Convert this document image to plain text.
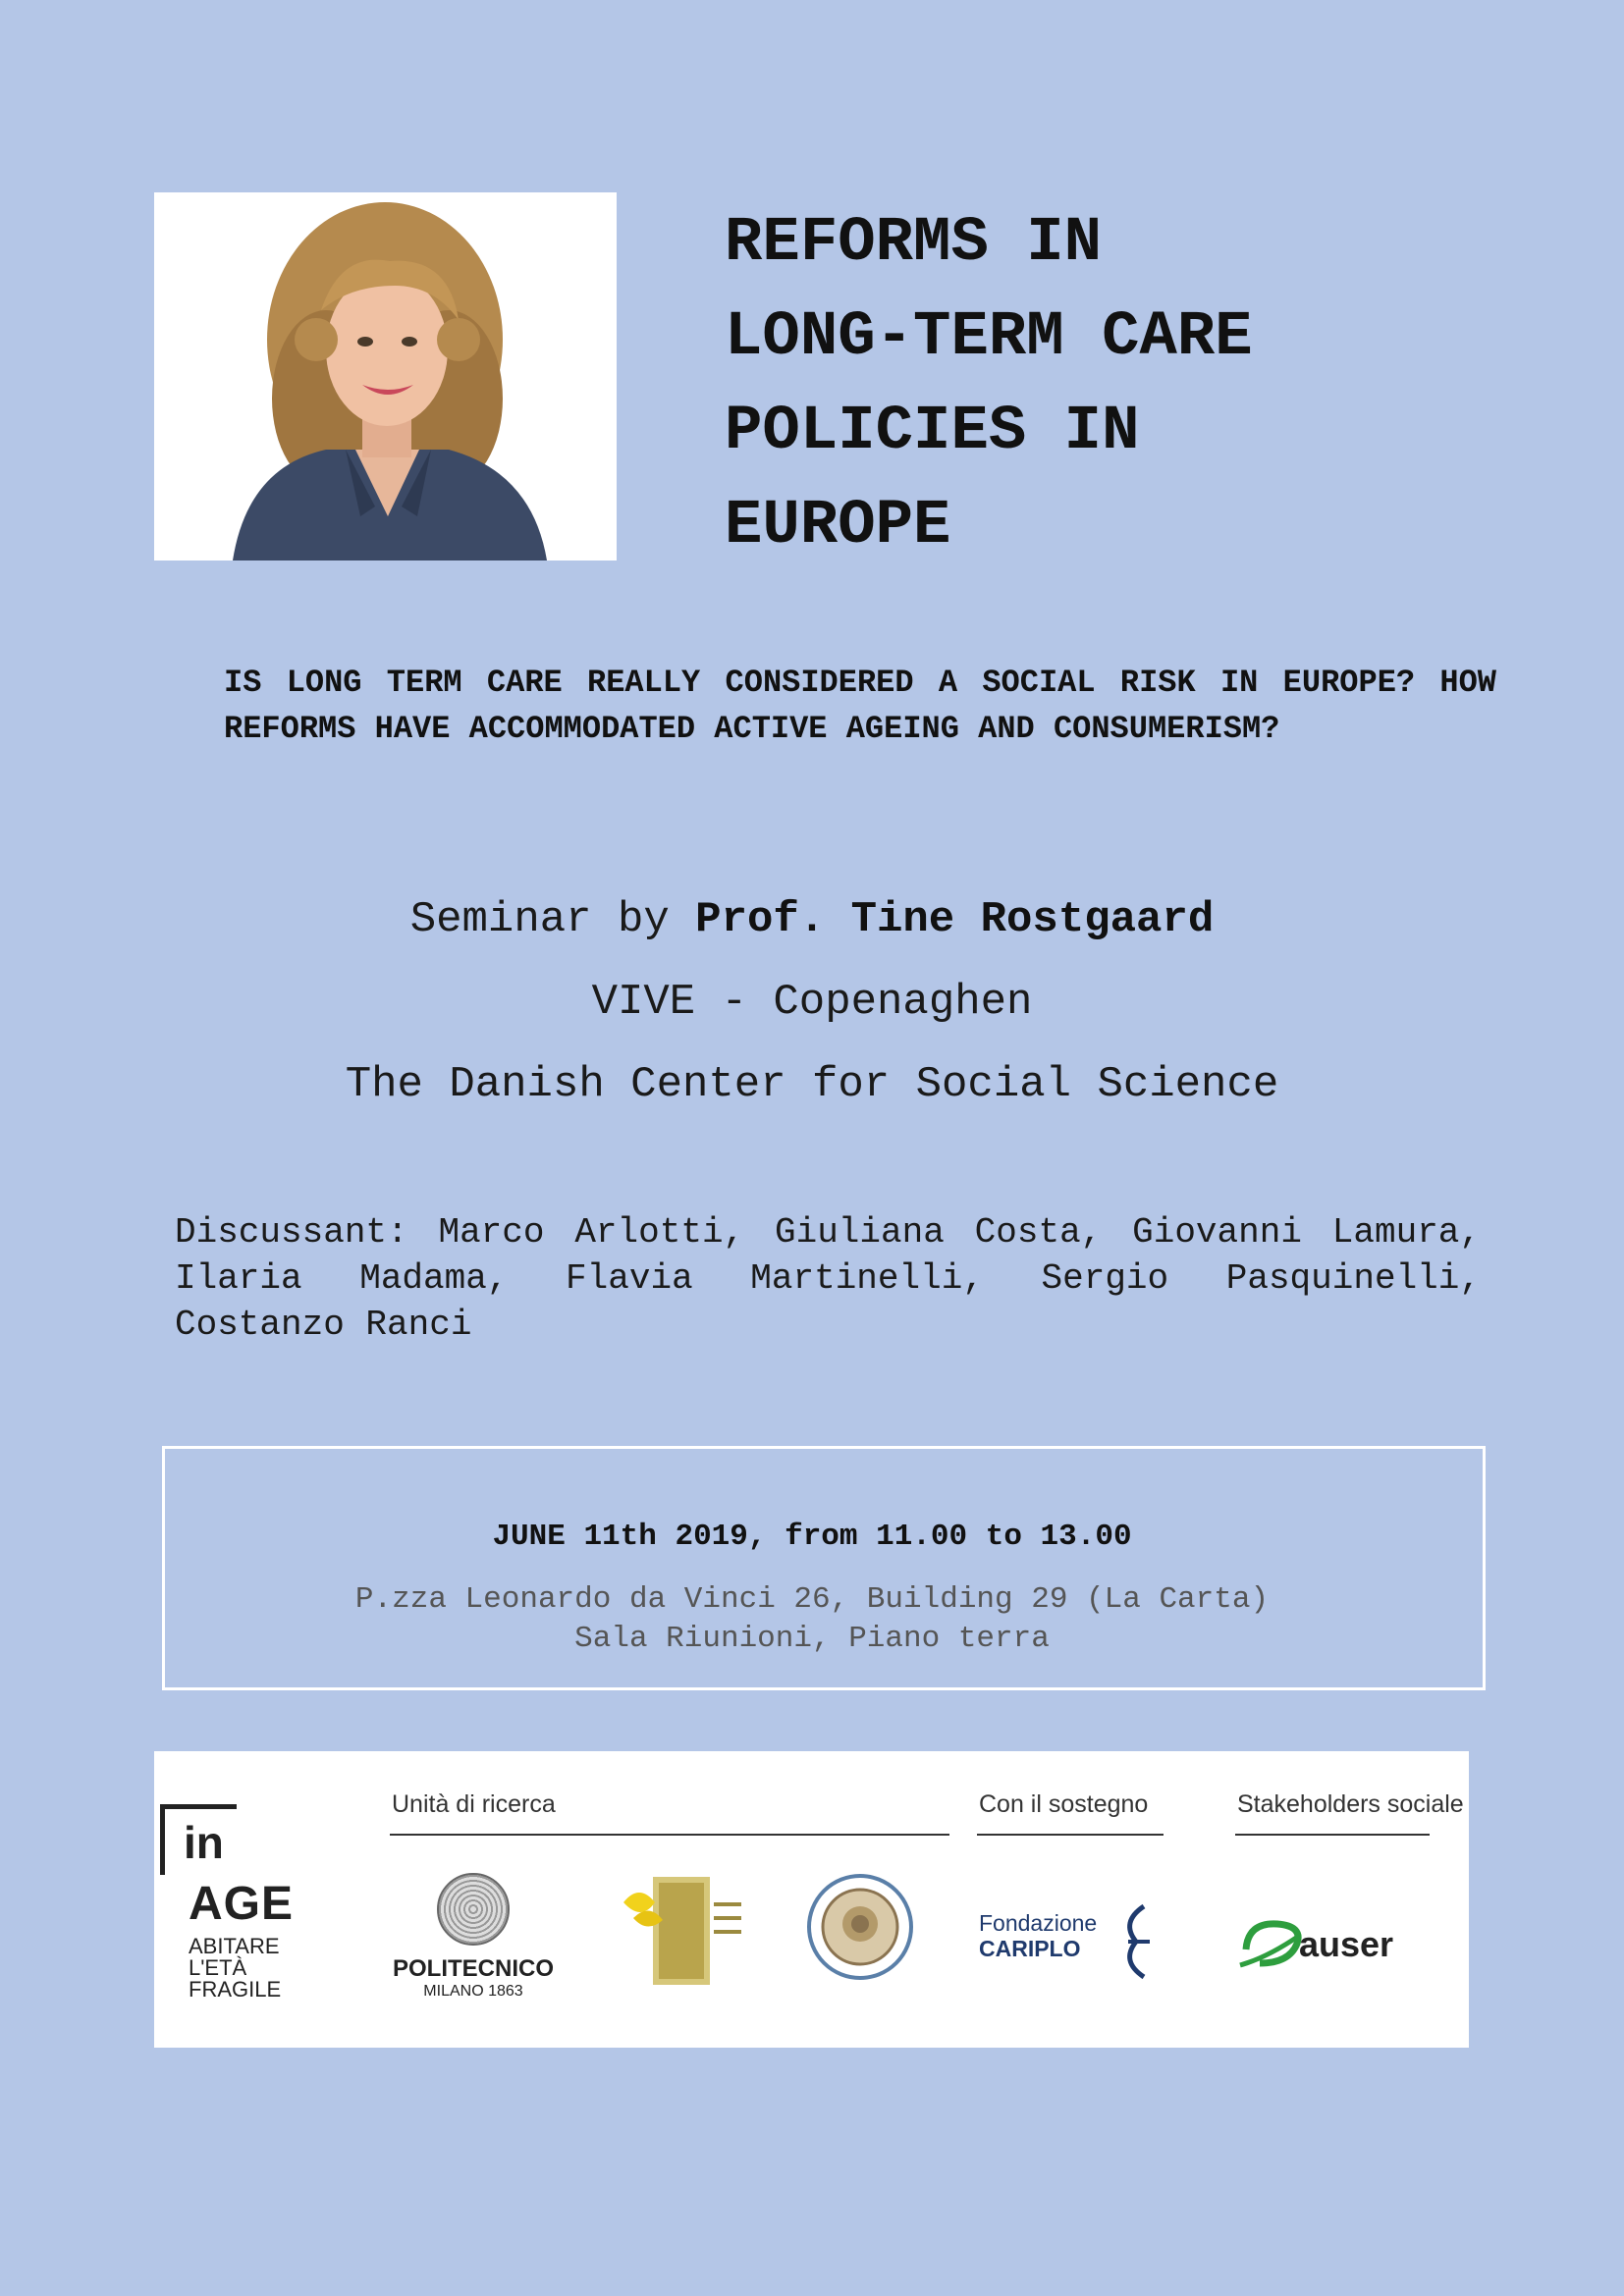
REFORMS IN
LONG-TERM CARE
POLICIES IN
EUROPE
IS LONG TERM CARE REALLY CONSIDERED A SOCIAL RISK IN EUROPE? HOW REFORMS HAVE ACCOMMODATED ACTIVE AGEING AND CONSUMERISM?
Seminar by Prof. Tine Rostgaard
VIVE - Copenaghen
The Danish Center for Social Science
Discussant: Marco Arlotti, Giuliana Costa, Giovanni Lamura, Ilaria Madama, Flavia Martinelli, Sergio Pasquinelli, Costanzo Ranci
JUNE 11th 2019, from 11.00 to 13.00
P.zza Leonardo da Vinci 26, Building 29 (La Carta)
Sala Riunioni, Piano terra
in
AGE
ABITARE
L'ETÀ
FRAGILE
Unità di ricerca	Con il sostegno	Stakeholders sociale
POLITECNICO
MILANO 1863
Fondazione
CARIPLO	auser
